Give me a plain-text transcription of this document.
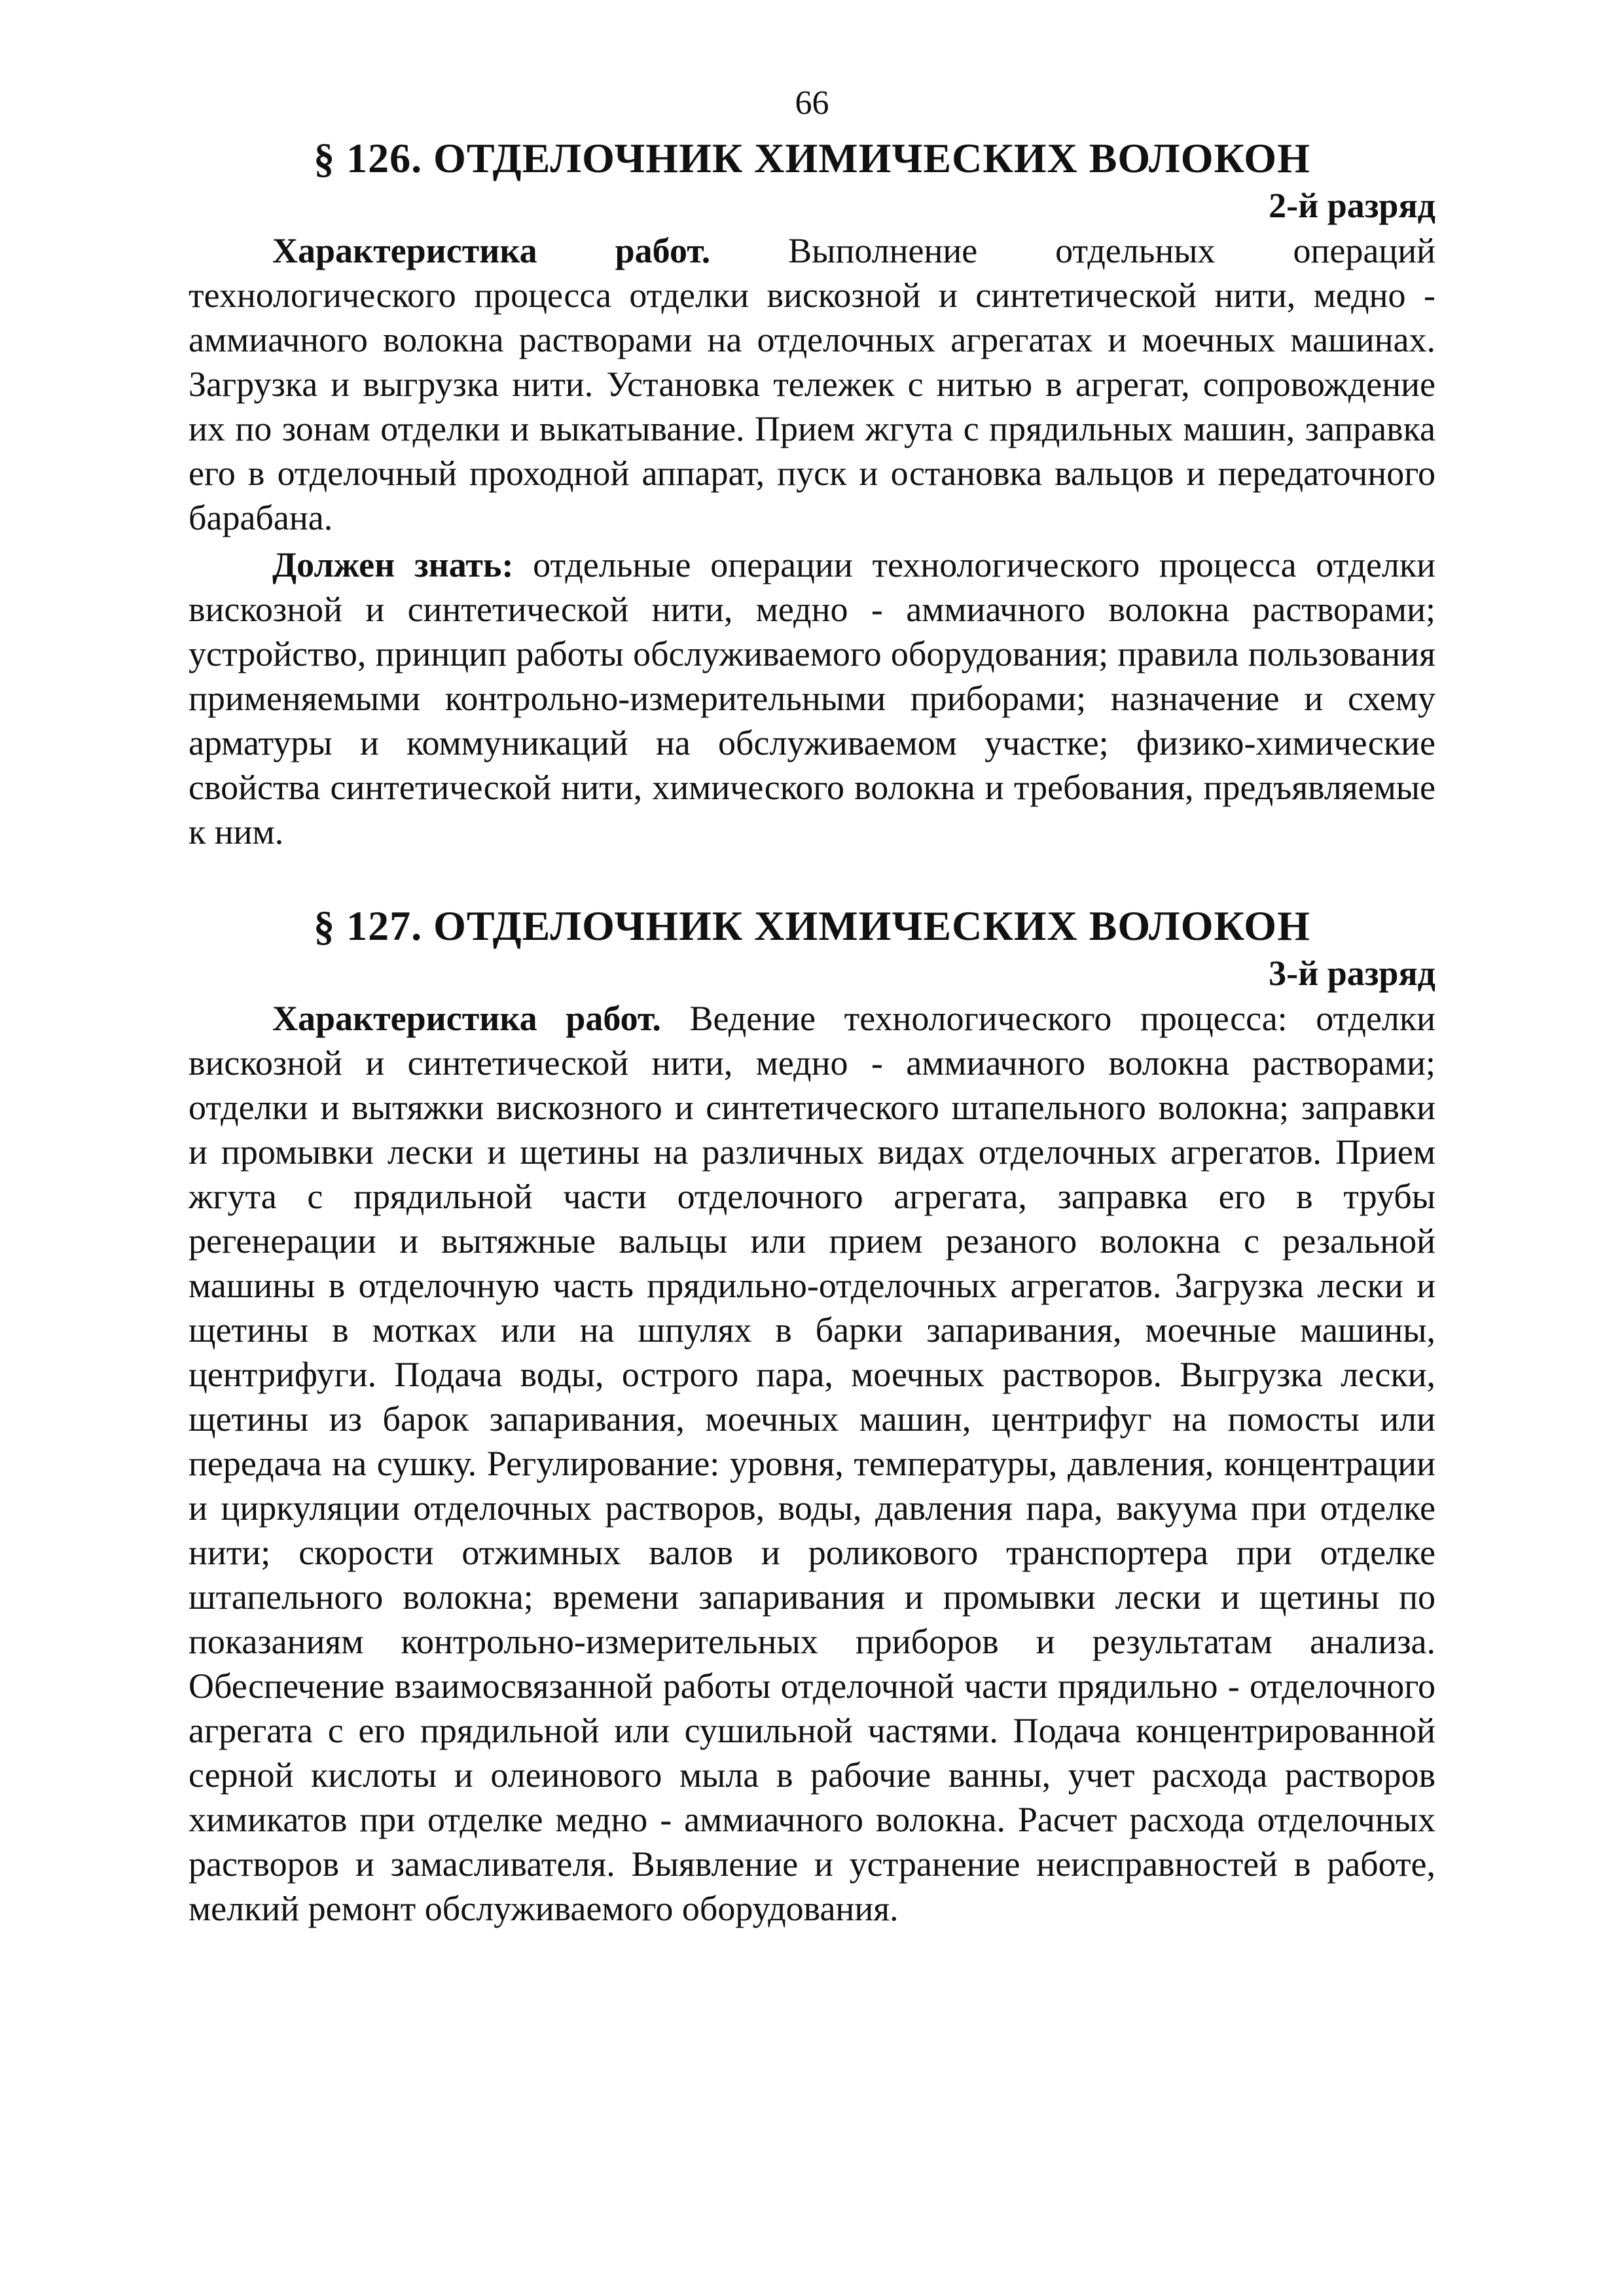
66
§ 126. ОТДЕЛОЧНИК ХИМИЧЕСКИХ ВОЛОКОН

2-й разряд

Характеристика работ. Выполнение отдельных операций технологического процесса отделки вискозной и синтетической нити, медно - аммиачного волокна растворами на отделочных агрегатах и моечных машинах. Загрузка и выгрузка нити. Установка тележек с нитью в агрегат, сопровождение их по зонам отделки и выкатывание. Прием жгута с прядильных машин, заправка его в отделочный проходной аппарат, пуск и остановка вальцов и передаточного барабана.

Должен знать: отдельные операции технологического процесса отделки вискозной и синтетической нити, медно - аммиачного волокна растворами; устройство, принцип работы обслуживаемого оборудования; правила пользования применяемыми контрольно-измерительными приборами; назначение и схему арматуры и коммуникаций на обслуживаемом участке; физико-химические свойства синтетической нити, химического волокна и требования, предъявляемые к ним.

§ 127. ОТДЕЛОЧНИК ХИМИЧЕСКИХ ВОЛОКОН

3-й разряд

Характеристика работ. Ведение технологического процесса: отделки вискозной и синтетической нити, медно - аммиачного волокна растворами; отделки и вытяжки вискозного и синтетического штапельного волокна; заправки и промывки лески и щетины на различных видах отделочных агрегатов. Прием жгута с прядильной части отделочного агрегата, заправка его в трубы регенерации и вытяжные вальцы или прием резаного волокна с резальной машины в отделочную часть прядильно-отделочных агрегатов. Загрузка лески и щетины в мотках или на шпулях в барки запаривания, моечные машины, центрифуги. Подача воды, острого пара, моечных растворов. Выгрузка лески, щетины из барок запаривания, моечных машин, центрифуг на помосты или передача на сушку. Регулирование: уровня, температуры, давления, концентрации и циркуляции отделочных растворов, воды, давления пара, вакуума при отделке нити; скорости отжимных валов и роликового транспортера при отделке штапельного волокна; времени запаривания и промывки лески и щетины по показаниям контрольно-измерительных приборов и результатам анализа. Обеспечение взаимосвязанной работы отделочной части прядильно - отделочного агрегата с его прядильной или сушильной частями. Подача концентрированной серной кислоты и олеинового мыла в рабочие ванны, учет расхода растворов химикатов при отделке медно - аммиачного волокна. Расчет расхода отделочных растворов и замасливателя. Выявление и устранение неисправностей в работе, мелкий ремонт обслуживаемого оборудования.
